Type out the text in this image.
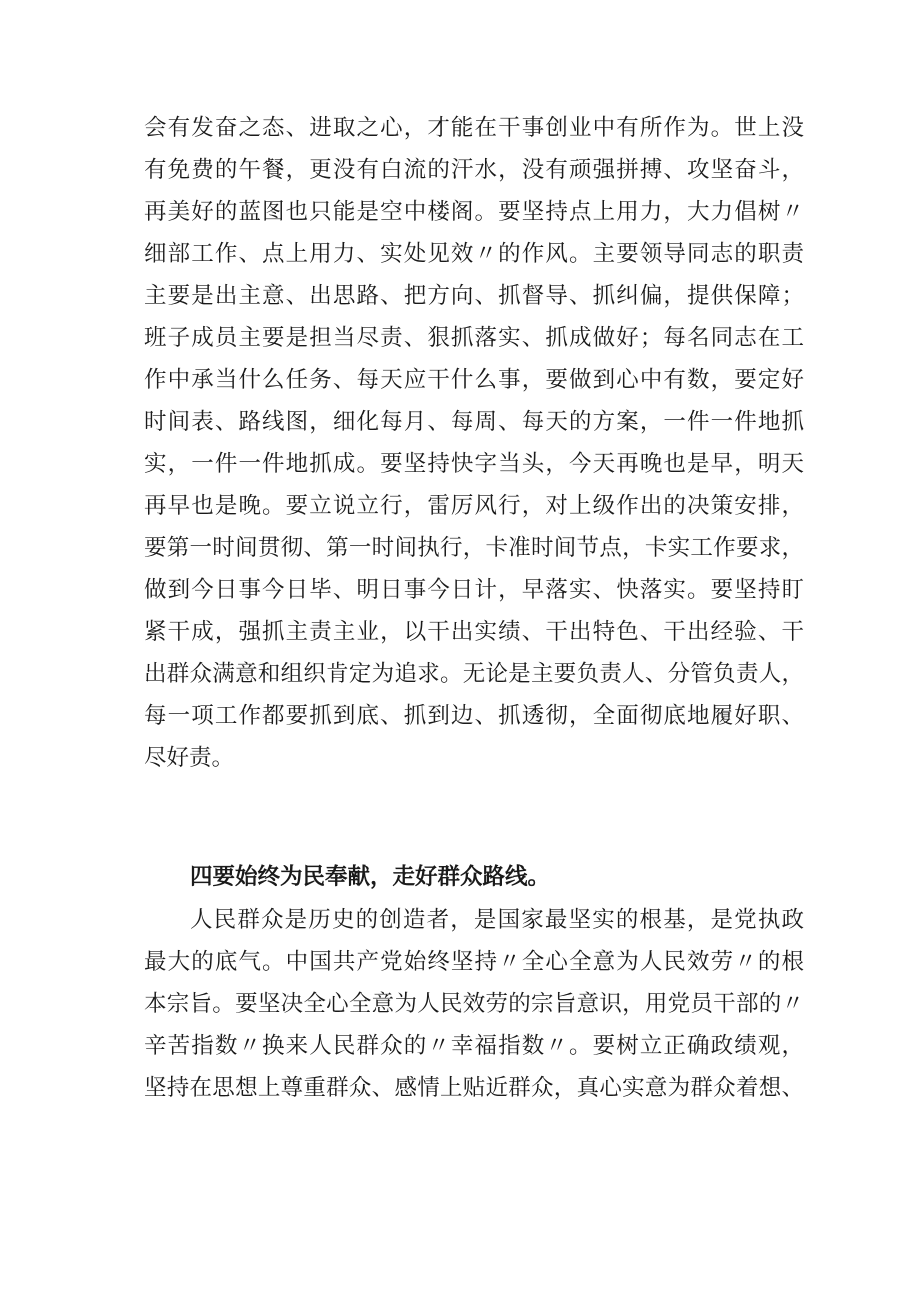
会有发奋之态、进取之心，才能在干事创业中有所作为。世上没
有免费的午餐，更没有白流的汗水，没有顽强拼搏、攻坚奋斗，
再美好的蓝图也只能是空中楼阁。要坚持点上用力，大力倡树〃
细部工作、点上用力、实处见效〃的作风。主要领导同志的职责
主要是出主意、出思路、把方向、抓督导、抓纠偏，提供保障；
班子成员主要是担当尽责、狠抓落实、抓成做好；每名同志在工
作中承当什么任务、每天应干什么事，要做到心中有数，要定好
时间表、路线图，细化每月、每周、每天的方案，一件一件地抓
实，一件一件地抓成。要坚持快字当头，今天再晚也是早，明天
再早也是晚。要立说立行，雷厉风行，对上级作出的决策安排，
要第一时间贯彻、第一时间执行，卡准时间节点，卡实工作要求，
做到今日事今日毕、明日事今日计，早落实、快落实。要坚持盯
紧干成，强抓主责主业，以干出实绩、干出特色、干出经验、干
出群众满意和组织肯定为追求。无论是主要负责人、分管负责人，
每一项工作都要抓到底、抓到边、抓透彻，全面彻底地履好职、
尽好责。
四要始终为民奉献，走好群众路线。
人民群众是历史的创造者，是国家最坚实的根基，是党执政
最大的底气。中国共产党始终坚持〃全心全意为人民效劳〃的根
本宗旨。要坚决全心全意为人民效劳的宗旨意识，用党员干部的〃
辛苦指数〃换来人民群众的〃幸福指数〃。要树立正确政绩观，
坚持在思想上尊重群众、感情上贴近群众，真心实意为群众着想、
